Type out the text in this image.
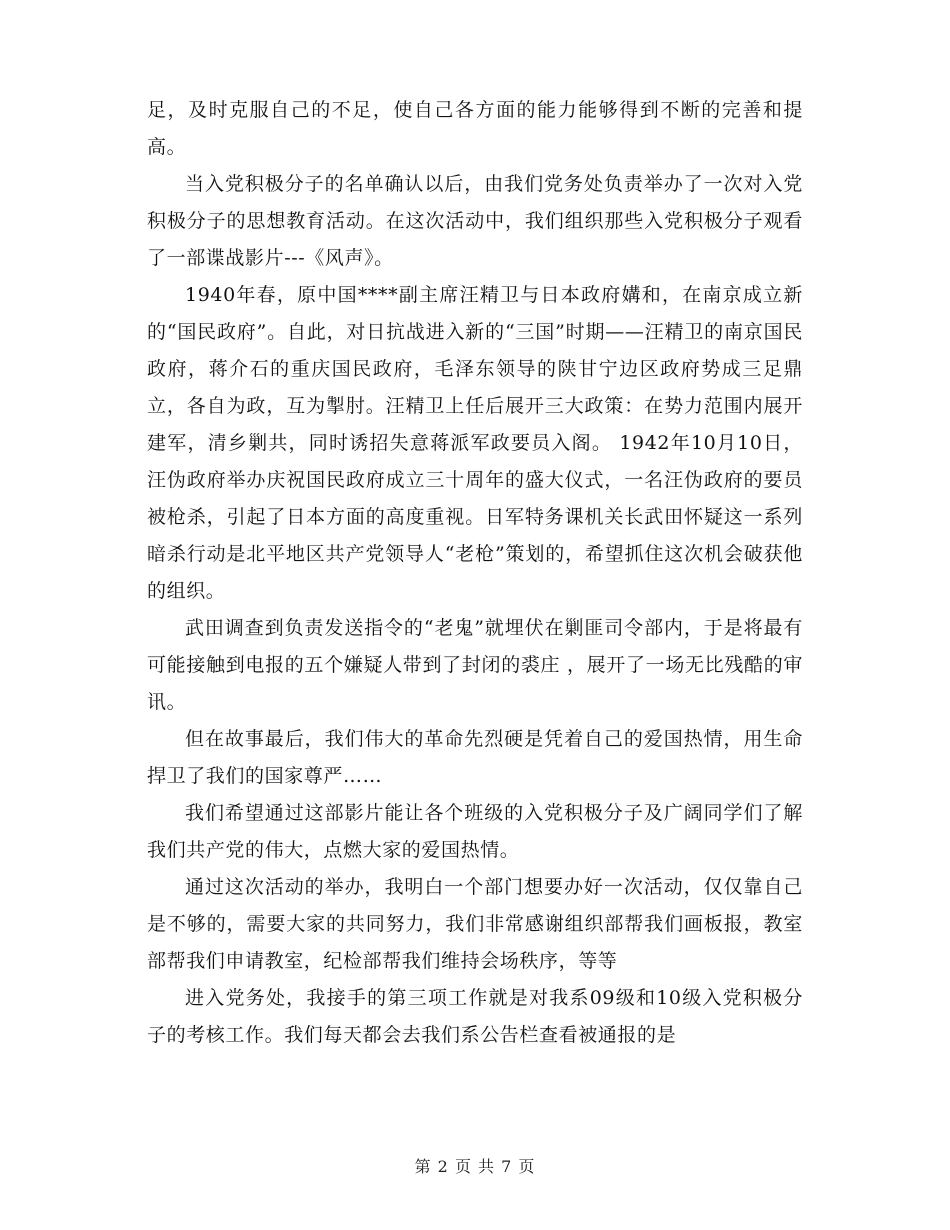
足，及时克服自己的不足，使自己各方面的能力能够得到不断的完善和提高。

当入党积极分子的名单确认以后，由我们党务处负责举办了一次对入党积极分子的思想教育活动。在这次活动中，我们组织那些入党积极分子观看了一部谍战影片---《风声》。

1940年春，原中国****副主席汪精卫与日本政府媾和，在南京成立新的“国民政府”。自此，对日抗战进入新的“三国”时期——汪精卫的南京国民政府，蒋介石的重庆国民政府，毛泽东领导的陕甘宁边区政府势成三足鼎立，各自为政，互为掣肘。汪精卫上任后展开三大政策：在势力范围内展开建军，清乡剿共，同时诱招失意蒋派军政要员入阁。 1942年10月10日，汪伪政府举办庆祝国民政府成立三十周年的盛大仪式，一名汪伪政府的要员被枪杀，引起了日本方面的高度重视。日军特务课机关长武田怀疑这一系列暗杀行动是北平地区共产党领导人“老枪”策划的，希望抓住这次机会破获他的组织。

武田调查到负责发送指令的“老鬼”就埋伏在剿匪司令部内，于是将最有可能接触到电报的五个嫌疑人带到了封闭的裘庄 ，展开了一场无比残酷的审讯。

但在故事最后，我们伟大的革命先烈硬是凭着自己的爱国热情，用生命捍卫了我们的国家尊严……

我们希望通过这部影片能让各个班级的入党积极分子及广阔同学们了解我们共产党的伟大，点燃大家的爱国热情。

通过这次活动的举办，我明白一个部门想要办好一次活动，仅仅靠自己是不够的，需要大家的共同努力，我们非常感谢组织部帮我们画板报，教室部帮我们申请教室，纪检部帮我们维持会场秩序，等等

进入党务处，我接手的第三项工作就是对我系09级和10级入党积极分子的考核工作。我们每天都会去我们系公告栏查看被通报的是

第 2 页 共 7 页
